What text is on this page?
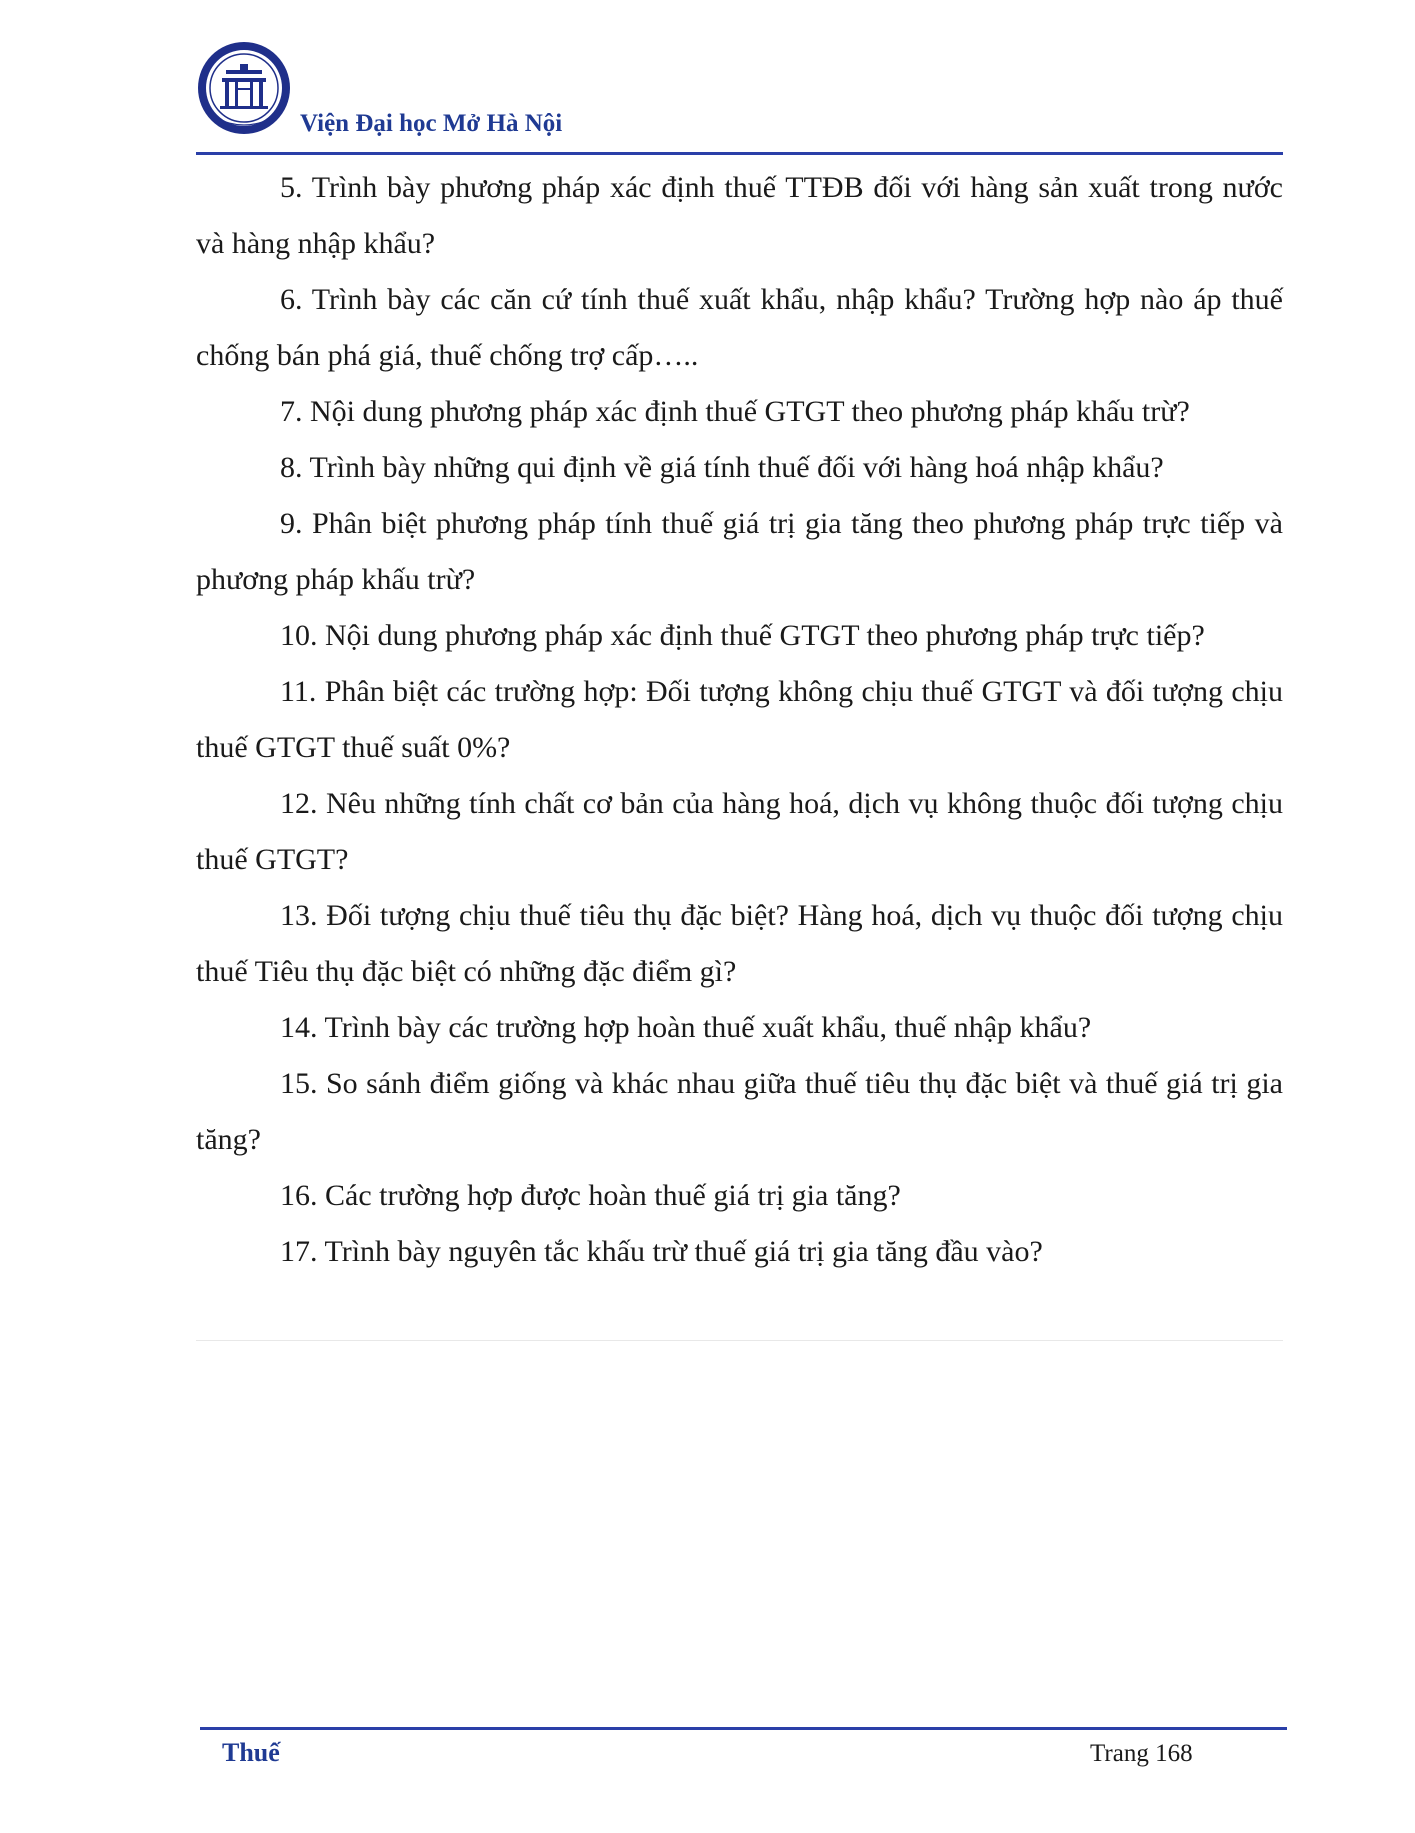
Viện Đại học Mở Hà Nội

5. Trình bày phương pháp xác định thuế TTĐB đối với hàng sản xuất trong nước và hàng nhập khẩu?

6. Trình bày các căn cứ tính thuế xuất khẩu, nhập khẩu? Trường hợp nào áp thuế chống bán phá giá, thuế chống trợ cấp…..

7. Nội dung phương pháp xác định thuế GTGT theo phương pháp khấu trừ?

8. Trình bày những qui định về giá tính thuế đối với hàng hoá nhập khẩu?

9. Phân biệt phương pháp tính thuế giá trị gia tăng theo phương pháp trực tiếp và phương pháp khấu trừ?

10. Nội dung phương pháp xác định thuế GTGT theo phương pháp trực tiếp?

11. Phân biệt các trường hợp: Đối tượng không chịu thuế GTGT và đối tượng chịu thuế GTGT thuế suất 0%?

12. Nêu những tính chất cơ bản của hàng hoá, dịch vụ không thuộc đối tượng chịu thuế GTGT?

13. Đối tượng chịu thuế tiêu thụ đặc biệt? Hàng hoá, dịch vụ thuộc đối tượng chịu thuế Tiêu thụ đặc biệt có những đặc điểm gì?

14. Trình bày các trường hợp hoàn thuế xuất khẩu, thuế nhập khẩu?

15. So sánh điểm giống và khác nhau giữa thuế tiêu thụ đặc biệt và thuế giá trị gia tăng?

16. Các trường hợp được hoàn thuế giá trị gia tăng?

17. Trình bày nguyên tắc khấu trừ thuế giá trị gia tăng đầu vào?

Thuế	Trang 168
